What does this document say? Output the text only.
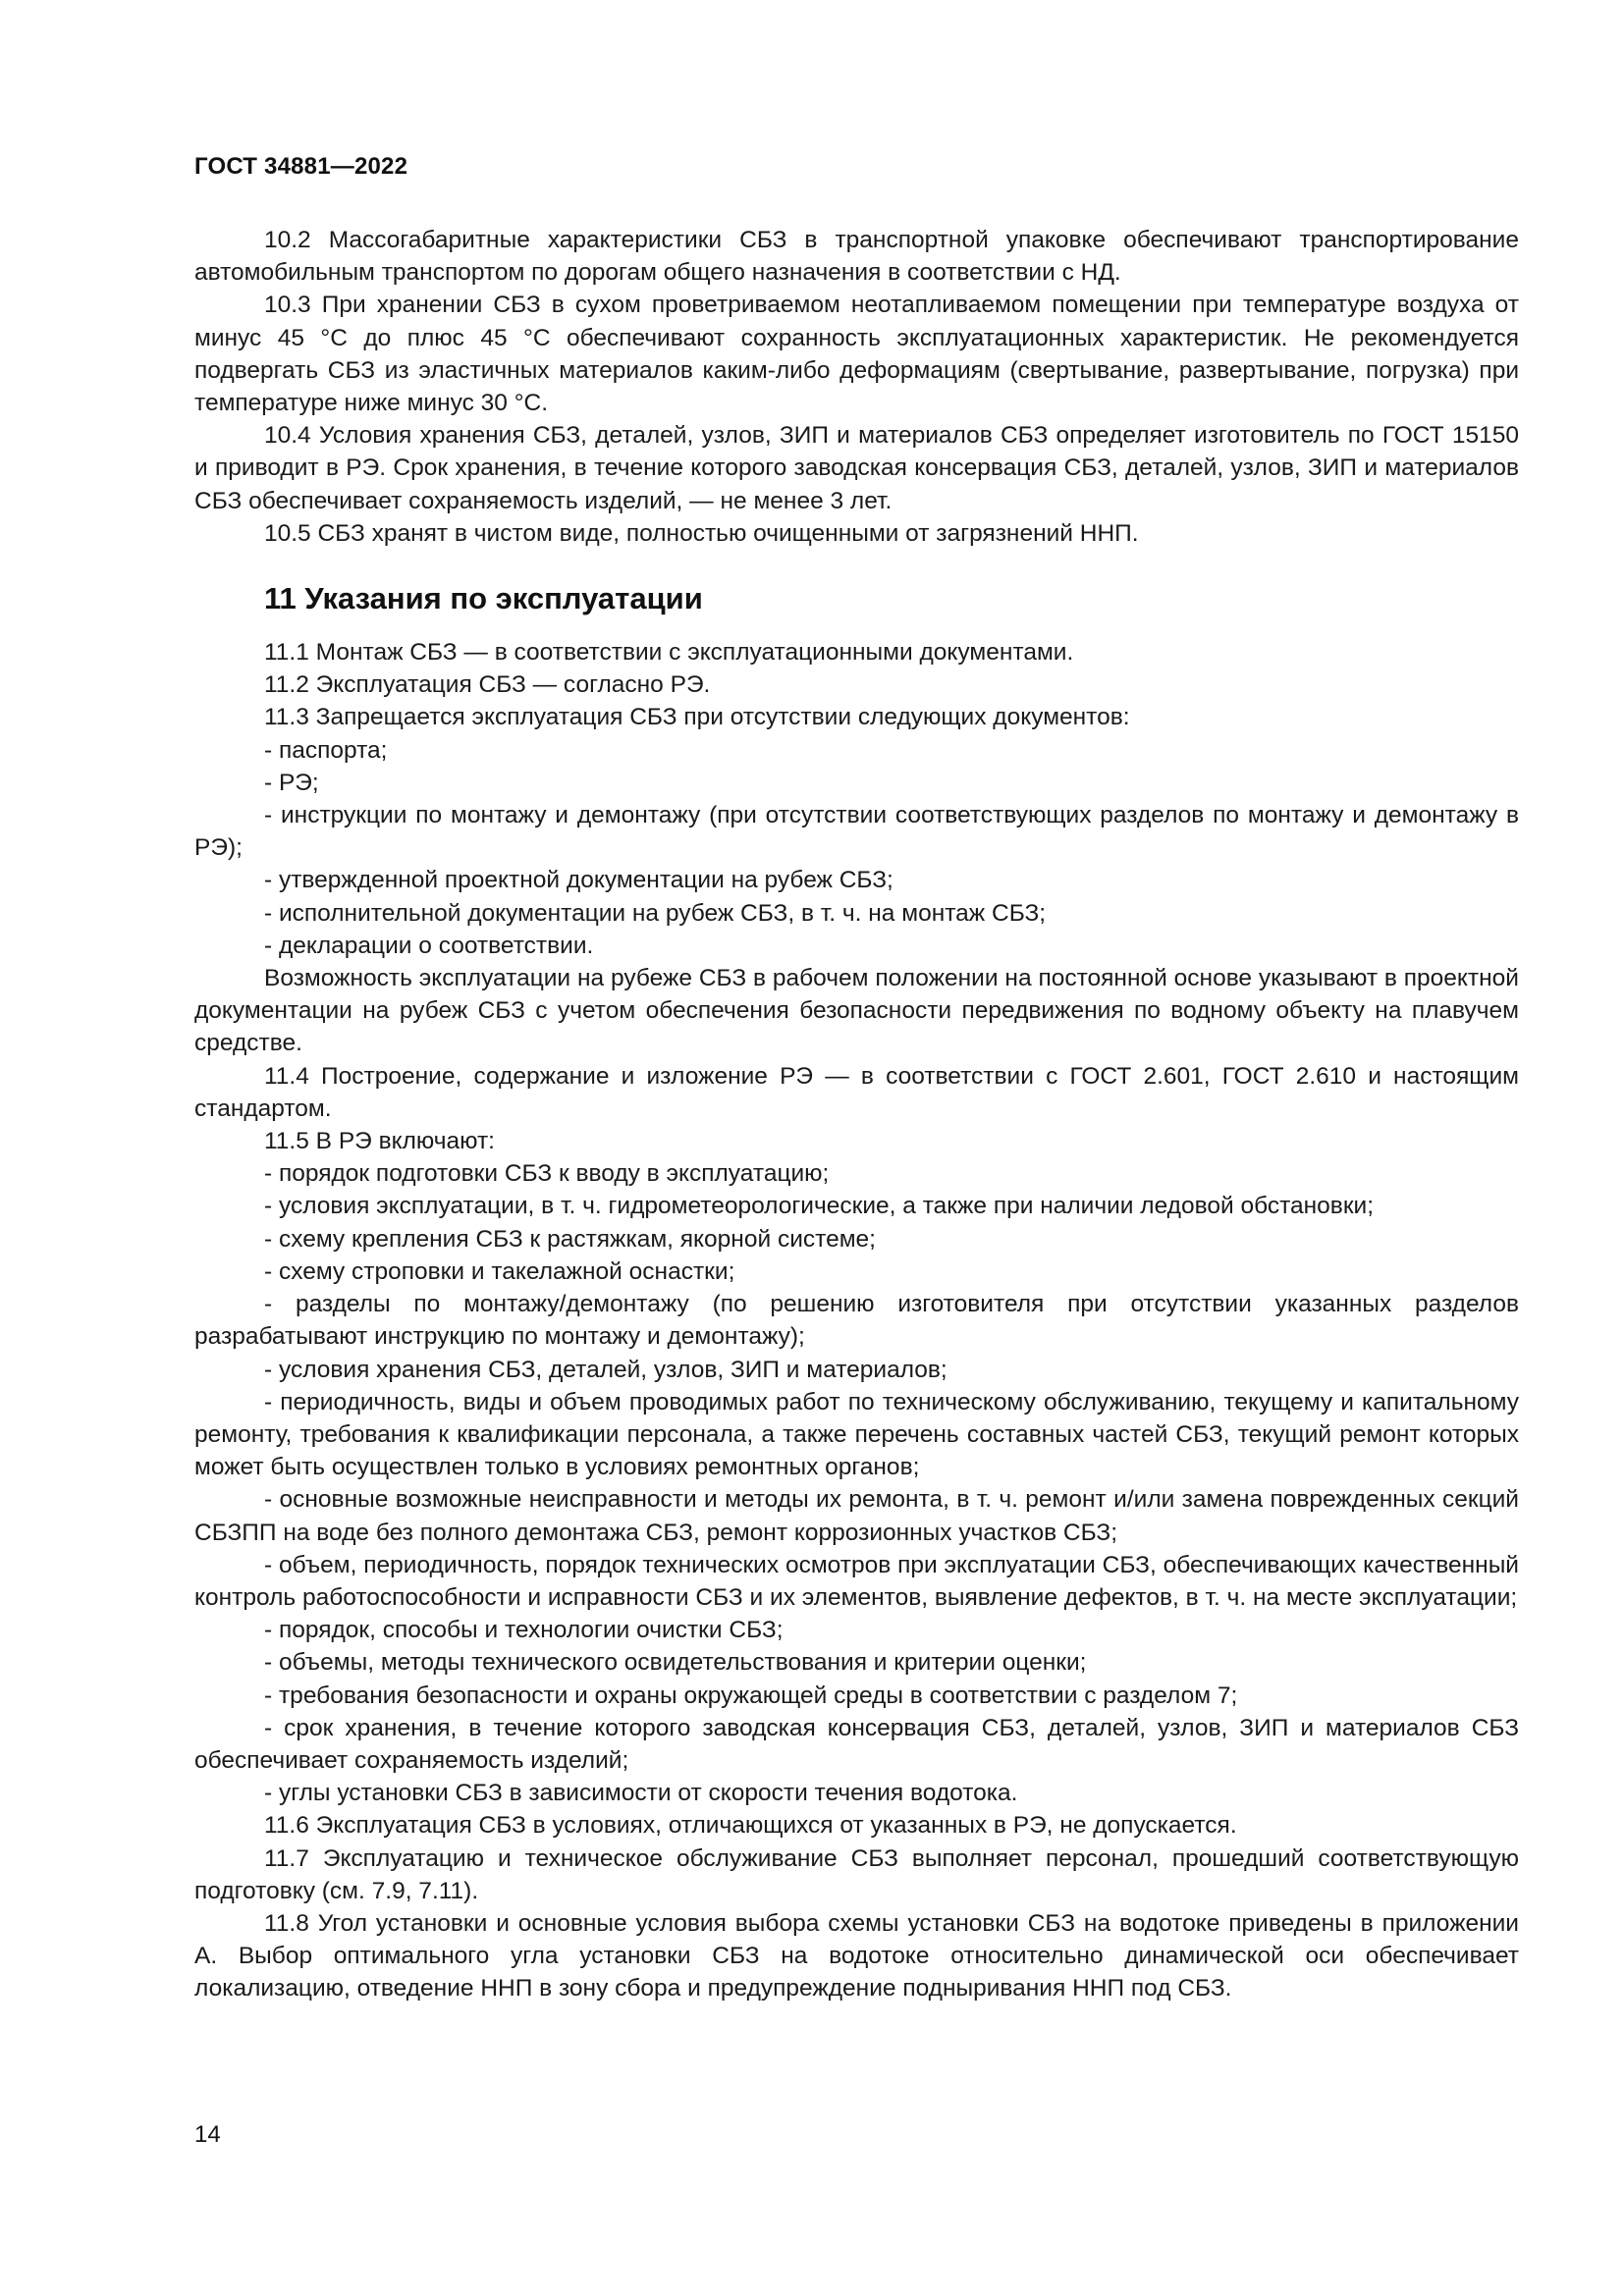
ГОСТ 34881—2022

10.2 Массогабаритные характеристики СБЗ в транспортной упаковке обеспечивают транспортирование автомобильным транспортом по дорогам общего назначения в соответствии с НД.

10.3 При хранении СБЗ в сухом проветриваемом неотапливаемом помещении при температуре воздуха от минус 45 °С до плюс 45 °С обеспечивают сохранность эксплуатационных характеристик. Не рекомендуется подвергать СБЗ из эластичных материалов каким-либо деформациям (свертывание, развертывание, погрузка) при температуре ниже минус 30 °С.

10.4 Условия хранения СБЗ, деталей, узлов, ЗИП и материалов СБЗ определяет изготовитель по ГОСТ 15150 и приводит в РЭ. Срок хранения, в течение которого заводская консервация СБЗ, деталей, узлов, ЗИП и материалов СБЗ обеспечивает сохраняемость изделий, — не менее 3 лет.

10.5 СБЗ хранят в чистом виде, полностью очищенными от загрязнений ННП.

11 Указания по эксплуатации

11.1 Монтаж СБЗ — в соответствии с эксплуатационными документами.

11.2 Эксплуатация СБЗ — согласно РЭ.

11.3 Запрещается эксплуатация СБЗ при отсутствии следующих документов:

- паспорта;

- РЭ;

- инструкции по монтажу и демонтажу (при отсутствии соответствующих разделов по монтажу и демонтажу в РЭ);

- утвержденной проектной документации на рубеж СБЗ;

- исполнительной документации на рубеж СБЗ, в т. ч. на монтаж СБЗ;

- декларации о соответствии.

Возможность эксплуатации на рубеже СБЗ в рабочем положении на постоянной основе указывают в проектной документации на рубеж СБЗ с учетом обеспечения безопасности передвижения по водному объекту на плавучем средстве.

11.4 Построение, содержание и изложение РЭ — в соответствии с ГОСТ 2.601, ГОСТ 2.610 и настоящим стандартом.

11.5 В РЭ включают:

- порядок подготовки СБЗ к вводу в эксплуатацию;

- условия эксплуатации, в т. ч. гидрометеорологические, а также при наличии ледовой обстановки;

- схему крепления СБЗ к растяжкам, якорной системе;

- схему строповки и такелажной оснастки;

- разделы по монтажу/демонтажу (по решению изготовителя при отсутствии указанных разделов разрабатывают инструкцию по монтажу и демонтажу);

- условия хранения СБЗ, деталей, узлов, ЗИП и материалов;

- периодичность, виды и объем проводимых работ по техническому обслуживанию, текущему и капитальному ремонту, требования к квалификации персонала, а также перечень составных частей СБЗ, текущий ремонт которых может быть осуществлен только в условиях ремонтных органов;

- основные возможные неисправности и методы их ремонта, в т. ч. ремонт и/или замена поврежденных секций СБЗПП на воде без полного демонтажа СБЗ, ремонт коррозионных участков СБЗ;

- объем, периодичность, порядок технических осмотров при эксплуатации СБЗ, обеспечивающих качественный контроль работоспособности и исправности СБЗ и их элементов, выявление дефектов, в т. ч. на месте эксплуатации;

- порядок, способы и технологии очистки СБЗ;

- объемы, методы технического освидетельствования и критерии оценки;

- требования безопасности и охраны окружающей среды в соответствии с разделом 7;

- срок хранения, в течение которого заводская консервация СБЗ, деталей, узлов, ЗИП и материалов СБЗ обеспечивает сохраняемость изделий;

- углы установки СБЗ в зависимости от скорости течения водотока.

11.6 Эксплуатация СБЗ в условиях, отличающихся от указанных в РЭ, не допускается.

11.7 Эксплуатацию и техническое обслуживание СБЗ выполняет персонал, прошедший соответствующую подготовку (см. 7.9, 7.11).

11.8 Угол установки и основные условия выбора схемы установки СБЗ на водотоке приведены в приложении А. Выбор оптимального угла установки СБЗ на водотоке относительно динамической оси обеспечивает локализацию, отведение ННП в зону сбора и предупреждение подныривания ННП под СБЗ.

14
